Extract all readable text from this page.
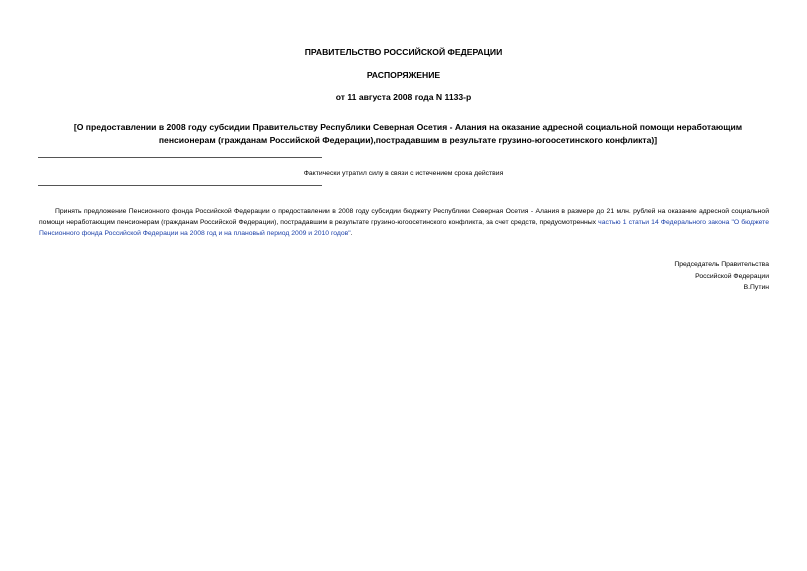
ПРАВИТЕЛЬСТВО РОССИЙСКОЙ ФЕДЕРАЦИИ
РАСПОРЯЖЕНИЕ
от 11 августа 2008 года N 1133-р
[О предоставлении в 2008 году субсидии Правительству Республики Северная Осетия - Алания на оказание адресной социальной помощи неработающим пенсионерам (гражданам Российской Федерации),пострадавшим в результате грузино-югоосетинского конфликта)]
Фактически утратил силу в связи с истечением срока действия

Принять предложение Пенсионного фонда Российской Федерации о предоставлении в 2008 году субсидии бюджету Республики Северная Осетия - Алания в размере до 21 млн. рублей на оказание адресной социальной помощи неработающим пенсионерам (гражданам Российской Федерации), пострадавшим в результате грузино-югоосетинского конфликта, за счет средств, предусмотренных частью 1 статьи 14 Федерального закона "О бюджете Пенсионного фонда Российской Федерации на 2008 год и на плановый период 2009 и 2010 годов".

Председатель Правительства
Российской Федерации
В.Путин
